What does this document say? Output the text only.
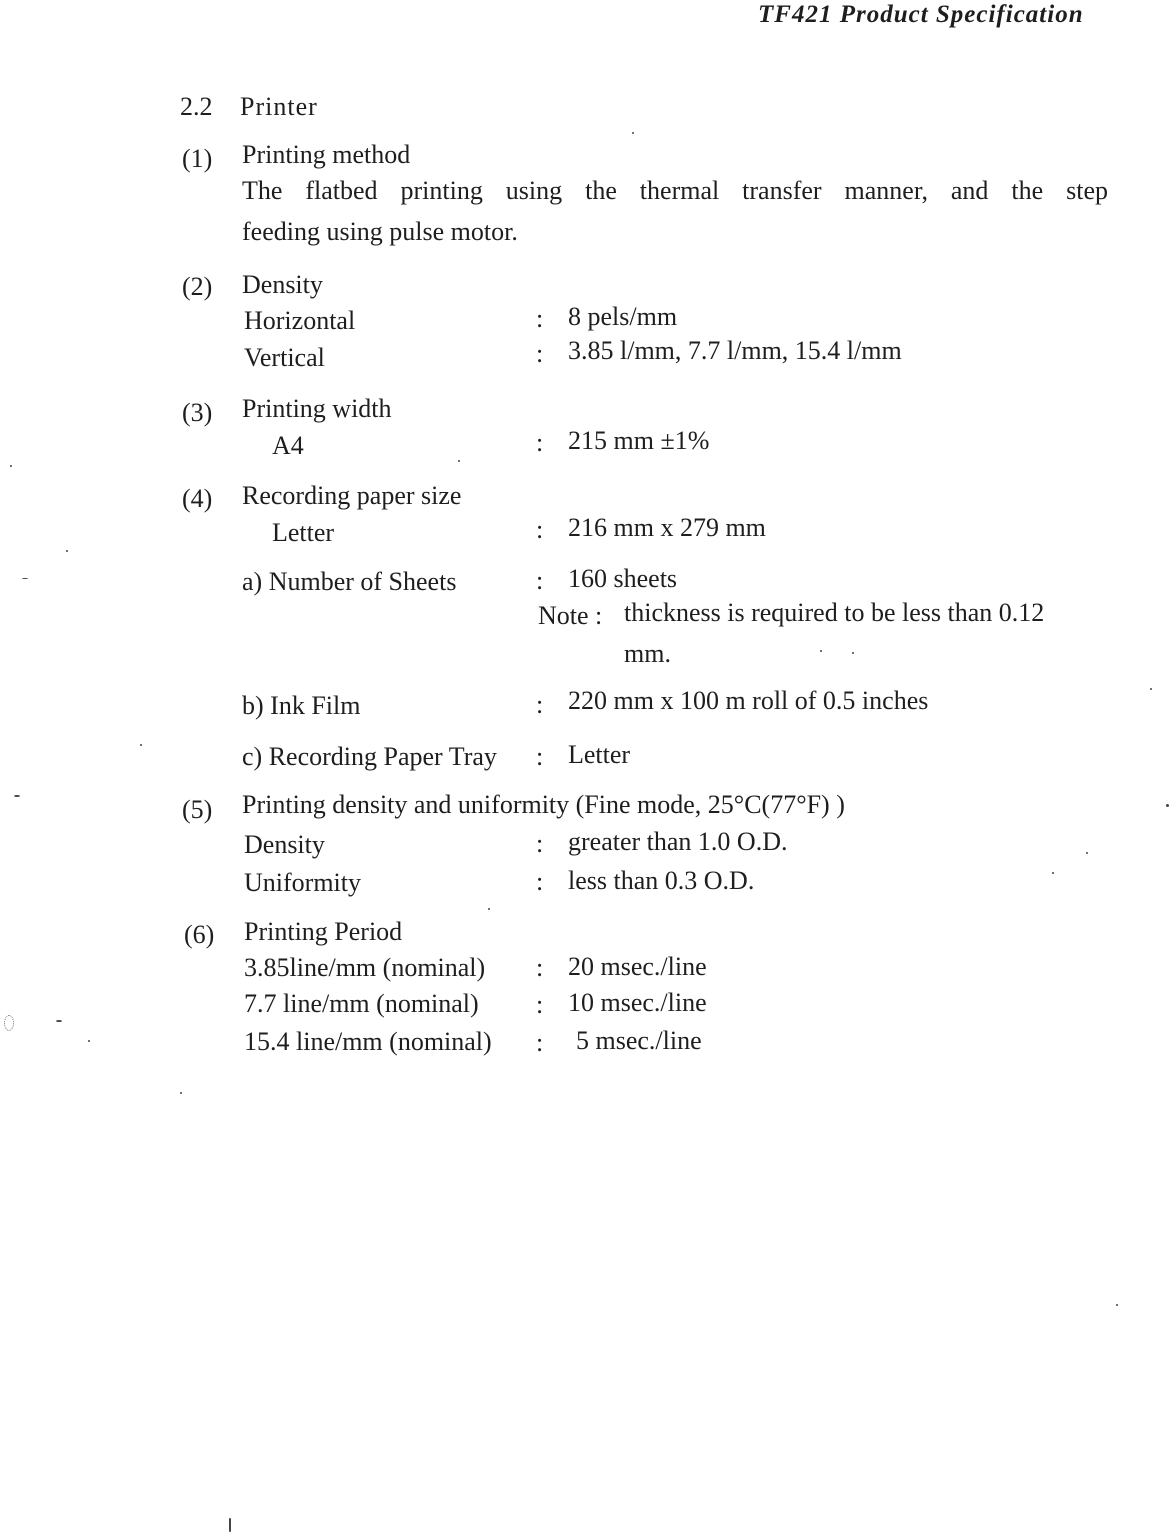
TF421 Product Specification
2.2 Printer
(1) Printing method
The flatbed printing using the thermal transfer manner, and the step
feeding using pulse motor.
(2) Density
Horizontal	: 8 pels/mm
Vertical	: 3.85 l/mm, 7.7 l/mm, 15.4 l/mm
(3) Printing width
A4	: 215 mm ±1%
(4) Recording paper size
Letter	: 216 mm x 279 mm
a) Number of Sheets	: 160 sheets
Note : thickness is required to be less than 0.12
mm.
b) Ink Film	: 220 mm x 100 m roll of 0.5 inches
c) Recording Paper Tray : Letter
(5) Printing density and uniformity (Fine mode, 25°C(77°F) )
Density	: greater than 1.0 O.D.
Uniformity	: less than 0.3 O.D.
(6) Printing Period
3.85line/mm (nominal) : 20 msec./line
7.7 line/mm (nominal) : 10 msec./line
15.4 line/mm (nominal) : 5 msec./line
